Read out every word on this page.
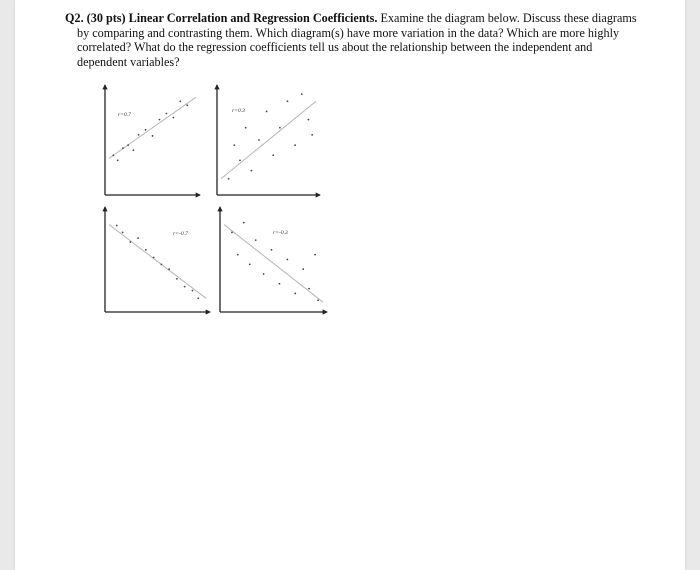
Q2. (30 pts) Linear Correlation and Regression Coefficients. Examine the diagram below. Discuss these diagrams by comparing and contrasting them. Which diagram(s) have more variation in the data? Which are more highly correlated? What do the regression coefficients tell us about the relationship between the independent and dependent variables?

r=0.7
r=0.3
r=-0.7	r=-0.3
